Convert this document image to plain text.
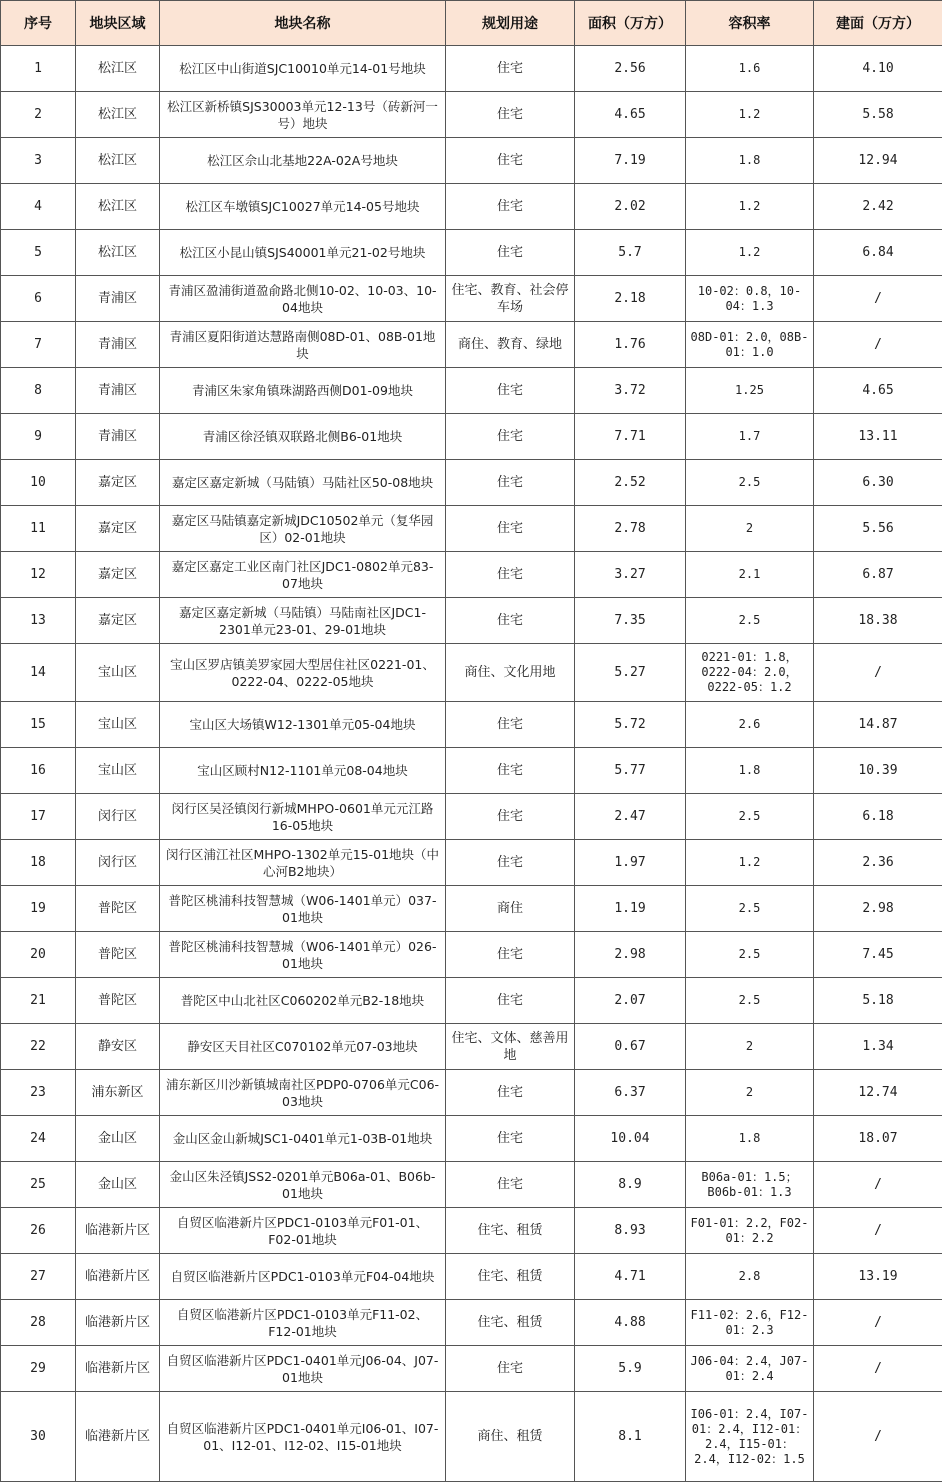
序号	地块区域	地块名称	规划用途	面积（万方）	容积率	建面（万方）
1	松江区	松江区中山街道SJC10010单元14-01号地块	住宅	2.56	1.6	4.10
2	松江区	松江区新桥镇SJS30003单元12-13号（砖新河一号）地块	住宅	4.65	1.2	5.58
3	松江区	松江区佘山北基地22A-02A号地块	住宅	7.19	1.8	12.94
4	松江区	松江区车墩镇SJC10027单元14-05号地块	住宅	2.02	1.2	2.42
5	松江区	松江区小昆山镇SJS40001单元21-02号地块	住宅	5.7	1.2	6.84
6	青浦区	青浦区盈浦街道盈俞路北侧10-02、10-03、10-04地块	住宅、教育、社会停车场	2.18	10-02：0.8，10-04：1.3	/
7	青浦区	青浦区夏阳街道达慧路南侧08D-01、08B-01地块	商住、教育、绿地	1.76	08D-01：2.0，08B-01：1.0	/
8	青浦区	青浦区朱家角镇珠湖路西侧D01-09地块	住宅	3.72	1.25	4.65
9	青浦区	青浦区徐泾镇双联路北侧B6-01地块	住宅	7.71	1.7	13.11
10	嘉定区	嘉定区嘉定新城（马陆镇）马陆社区50-08地块	住宅	2.52	2.5	6.30
11	嘉定区	嘉定区马陆镇嘉定新城JDC10502单元（复华园区）02-01地块	住宅	2.78	2	5.56
12	嘉定区	嘉定区嘉定工业区南门社区JDC1-0802单元83-07地块	住宅	3.27	2.1	6.87
13	嘉定区	嘉定区嘉定新城（马陆镇）马陆南社区JDC1-2301单元23-01、29-01地块	住宅	7.35	2.5	18.38
14	宝山区	宝山区罗店镇美罗家园大型居住社区0221-01、0222-04、0222-05地块	商住、文化用地	5.27	0221-01：1.8，0222-04：2.0，0222-05：1.2	/
15	宝山区	宝山区大场镇W12-1301单元05-04地块	住宅	5.72	2.6	14.87
16	宝山区	宝山区顾村N12-1101单元08-04地块	住宅	5.77	1.8	10.39
17	闵行区	闵行区吴泾镇闵行新城MHPO-0601单元元江路16-05地块	住宅	2.47	2.5	6.18
18	闵行区	闵行区浦江社区MHPO-1302单元15-01地块（中心河B2地块）	住宅	1.97	1.2	2.36
19	普陀区	普陀区桃浦科技智慧城（W06-1401单元）037-01地块	商住	1.19	2.5	2.98
20	普陀区	普陀区桃浦科技智慧城（W06-1401单元）026-01地块	住宅	2.98	2.5	7.45
21	普陀区	普陀区中山北社区C060202单元B2-18地块	住宅	2.07	2.5	5.18
22	静安区	静安区天目社区C070102单元07-03地块	住宅、文体、慈善用地	0.67	2	1.34
23	浦东新区	浦东新区川沙新镇城南社区PDP0-0706单元C06-03地块	住宅	6.37	2	12.74
24	金山区	金山区金山新城JSC1-0401单元1-03B-01地块	住宅	10.04	1.8	18.07
25	金山区	金山区朱泾镇JSS2-0201单元B06a-01、B06b-01地块	住宅	8.9	B06a-01：1.5；B06b-01：1.3	/
26	临港新片区	自贸区临港新片区PDC1-0103单元F01-01、F02-01地块	住宅、租赁	8.93	F01-01：2.2，F02-01：2.2	/
27	临港新片区	自贸区临港新片区PDC1-0103单元F04-04地块	住宅、租赁	4.71	2.8	13.19
28	临港新片区	自贸区临港新片区PDC1-0103单元F11-02、F12-01地块	住宅、租赁	4.88	F11-02：2.6，F12-01：2.3	/
29	临港新片区	自贸区临港新片区PDC1-0401单元J06-04、J07-01地块	住宅	5.9	J06-04：2.4，J07-01：2.4	/
30	临港新片区	自贸区临港新片区PDC1-0401单元I06-01、I07-01、I12-01、I12-02、I15-01地块	商住、租赁	8.1	I06-01：2.4，I07-01：2.4，I12-01：2.4，I15-01：2.4，I12-02：1.5	/
